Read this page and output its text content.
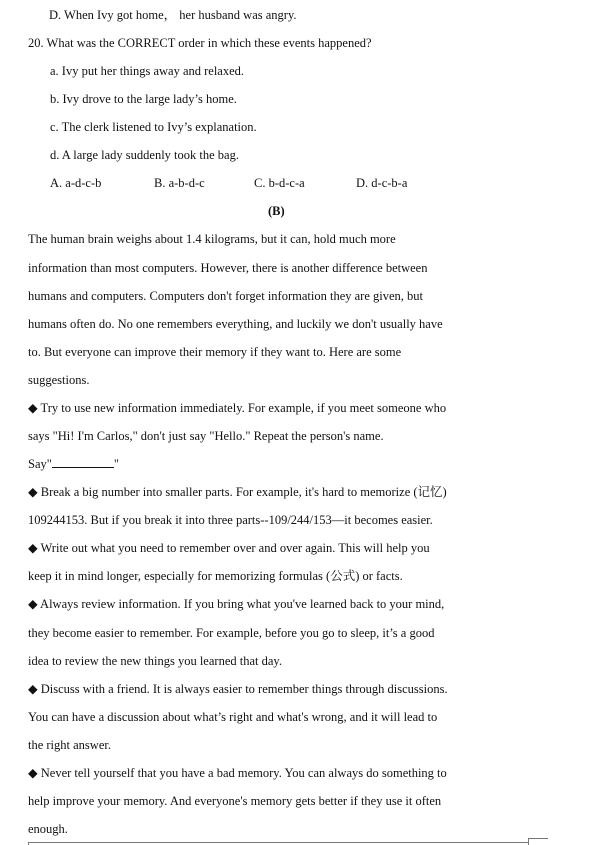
D. When Ivy got home， her husband was angry.
20. What was the CORRECT order in which these events happened?
a. Ivy put her things away and relaxed.
b. Ivy drove to the large lady’s home.
c. The clerk listened to Ivy’s explanation.
d. A large lady suddenly took the bag.
A. a-d-c-b	B. a-b-d-c	C. b-d-c-a	D. d-c-b-a
(B)
The human brain weighs about 1.4 kilograms, but it can, hold much more
information than most computers. However, there is another difference between
humans and computers. Computers don't forget information they are given, but
humans often do. No one remembers everything, and luckily we don't usually have
to. But everyone can improve their memory if they want to. Here are some
suggestions.
◆ Try to use new information immediately. For example, if you meet someone who
says "Hi! I'm Carlos," don't just say "Hello." Repeat the person's name.
Say"	"
◆ Break a big number into smaller parts. For example, it's hard to memorize (记忆)
109244153. But if you break it into three parts--109/244/153—it becomes easier.
◆ Write out what you need to remember over and over again. This will help you
keep it in mind longer, especially for memorizing formulas (公式) or facts.
◆ Always review information. If you bring what you've learned back to your mind,
they become easier to remember. For example, before you go to sleep, it’s a good
idea to review the new things you learned that day.
◆ Discuss with a friend. It is always easier to remember things through discussions.
You can have a discussion about what’s right and what's wrong, and it will lead to
the right answer.
◆ Never tell yourself that you have a bad memory. You can always do something to
help improve your memory. And everyone's memory gets better if they use it often
enough.
